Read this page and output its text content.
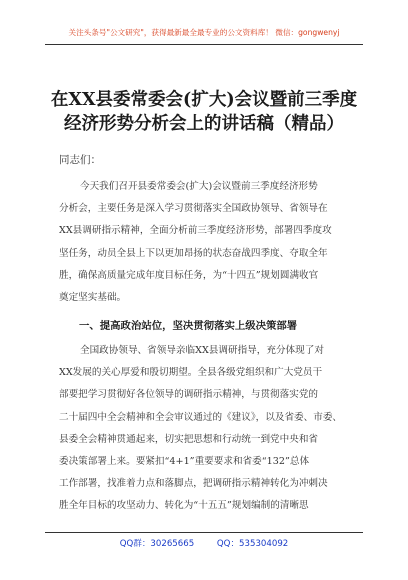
关注头条号"公文研究"，获得最新最全最专业的公文资料库！ 微信：gongwenyj
在XX县委常委会(扩大)会议暨前三季度
经济形势分析会上的讲话稿（精品）
同志们：
今天我们召开县委常委会(扩大)会议暨前三季度经济形势
分析会，主要任务是深入学习贯彻落实全国政协领导、省领导在
XX县调研指示精神，全面分析前三季度经济形势，部署四季度攻
坚任务，动员全县上下以更加昂扬的状态奋战四季度、夺取全年
胜，确保高质量完成年度目标任务，为“十四五”规划圆满收官
奠定坚实基础。
一、提高政治站位，坚决贯彻落实上级决策部署
全国政协领导、省领导亲临XX县调研指导，充分体现了对
XX发展的关心厚爱和殷切期望。全县各级党组织和广大党员干
部要把学习贯彻好各位领导的调研指示精神，与贯彻落实党的
二十届四中全会精神和全会审议通过的《建议》，以及省委、市委、
县委全会精神贯通起来，切实把思想和行动统一到党中央和省
委决策部署上来。要紧扣“4+1”重要要求和省委“132”总体
工作部署，找准着力点和落脚点，把调研指示精神转化为冲刺决
胜全年目标的攻坚动力、转化为“十五五”规划编制的清晰思
QQ群：30265665	QQ：535304092
